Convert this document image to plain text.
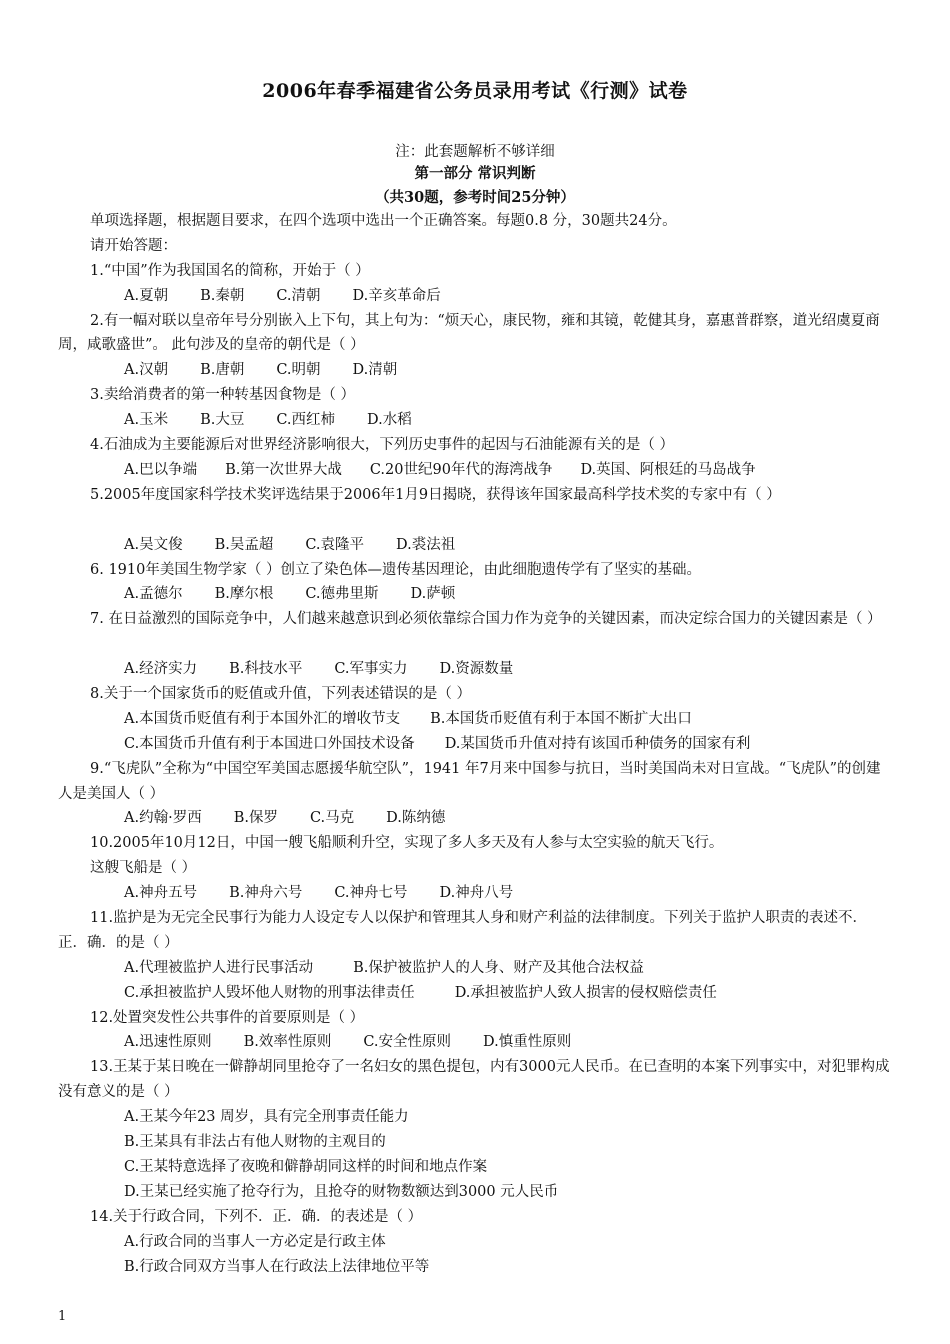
2006年春季福建省公务员录用考试《行测》试卷
注：此套题解析不够详细
第一部分 常识判断
（共30题，参考时间25分钟）
单项选择题，根据题目要求，在四个选项中选出一个正确答案。每题0.8 分，30题共24分。
请开始答题：
1.“中国”作为我国国名的简称，开始于（ ）
A.夏朝 B.秦朝 C.清朝 D.辛亥革命后
2.有一幅对联以皇帝年号分别嵌入上下句，其上句为：“烦天心，康民物，雍和其镜，乾健其身，嘉惠普群察，道光绍虞夏商周，咸歌盛世”。 此句涉及的皇帝的朝代是（ ）
A.汉朝 B.唐朝 C.明朝 D.清朝
3.卖给消费者的第一种转基因食物是（ ）
A.玉米 B.大豆 C.西红柿 D.水稻
4.石油成为主要能源后对世界经济影响很大，下列历史事件的起因与石油能源有关的是（ ）
A.巴以争端 B.第一次世界大战 C.20世纪90年代的海湾战争 D.英国、阿根廷的马岛战争
5.2005年度国家科学技术奖评选结果于2006年1月9日揭晓，获得该年国家最高科学技术奖的专家中有（ ）
A.吴文俊 B.吴孟超 C.袁隆平 D.裘法祖
6. 1910年美国生物学家（ ）创立了染色体—遗传基因理论，由此细胞遗传学有了坚实的基础。
A.孟德尔 B.摩尔根 C.德弗里斯 D.萨顿
7. 在日益激烈的国际竞争中，人们越来越意识到必须依靠综合国力作为竞争的关键因素，而决定综合国力的关键因素是（ ）
A.经济实力 B.科技水平 C.军事实力 D.资源数量
8.关于一个国家货币的贬值或升值，下列表述错误的是（ ）
A.本国货币贬值有利于本国外汇的增收节支 B.本国货币贬值有利于本国不断扩大出口
C.本国货币升值有利于本国进口外国技术设备 D.某国货币升值对持有该国币种债务的国家有利
9.“飞虎队”全称为“中国空军美国志愿援华航空队”，1941 年7月来中国参与抗日，当时美国尚未对日宣战。“飞虎队”的创建人是美国人（ ）
A.约翰·罗西 B.保罗 C.马克 D.陈纳德
10.2005年10月12日，中国一艘飞船顺利升空，实现了多人多天及有人参与太空实验的航天飞行。
这艘飞船是（ ）
A.神舟五号 B.神舟六号 C.神舟七号 D.神舟八号
11.监护是为无完全民事行为能力人设定专人以保护和管理其人身和财产利益的法律制度。下列关于监护人职责的表述不．正．确．的是（ ）
A.代理被监护人进行民事活动	B.保护被监护人的人身、财产及其他合法权益
C.承担被监护人毁坏他人财物的刑事法律责任	D.承担被监护人致人损害的侵权赔偿责任
12.处置突发性公共事件的首要原则是（ ）
A.迅速性原则 B.效率性原则 C.安全性原则 D.慎重性原则
13.王某于某日晚在一僻静胡同里抢夺了一名妇女的黑色提包，内有3000元人民币。在已查明的本案下列事实中，对犯罪构成没有意义的是（ ）
A.王某今年23 周岁，具有完全刑事责任能力
B.王某具有非法占有他人财物的主观目的
C.王某特意选择了夜晚和僻静胡同这样的时间和地点作案
D.王某已经实施了抢夺行为，且抢夺的财物数额达到3000 元人民币
14.关于行政合同，下列不．正．确．的表述是（ ）
A.行政合同的当事人一方必定是行政主体
B.行政合同双方当事人在行政法上法律地位平等
1
